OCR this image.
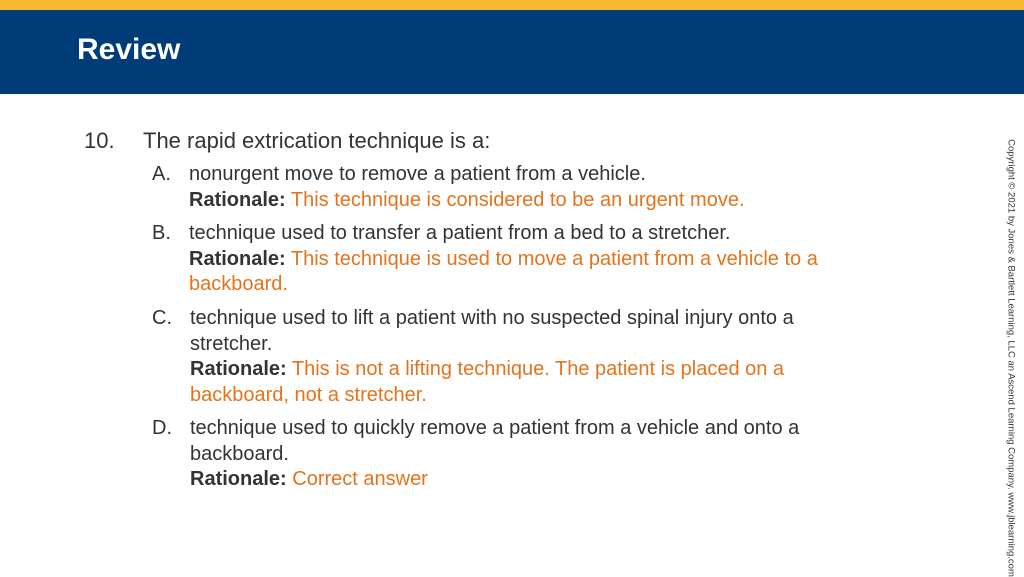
Review
10. The rapid extrication technique is a:
A. nonurgent move to remove a patient from a vehicle.
Rationale: This technique is considered to be an urgent move.
B. technique used to transfer a patient from a bed to a stretcher.
Rationale: This technique is used to move a patient from a vehicle to a backboard.
C. technique used to lift a patient with no suspected spinal injury onto a stretcher.
Rationale: This is not a lifting technique. The patient is placed on a backboard, not a stretcher.
D. technique used to quickly remove a patient from a vehicle and onto a backboard.
Rationale: Correct answer	Copyright © 2021 by Jones & Bartlett Learning, LLC an Ascend Learning Company. www.jblearning.com
